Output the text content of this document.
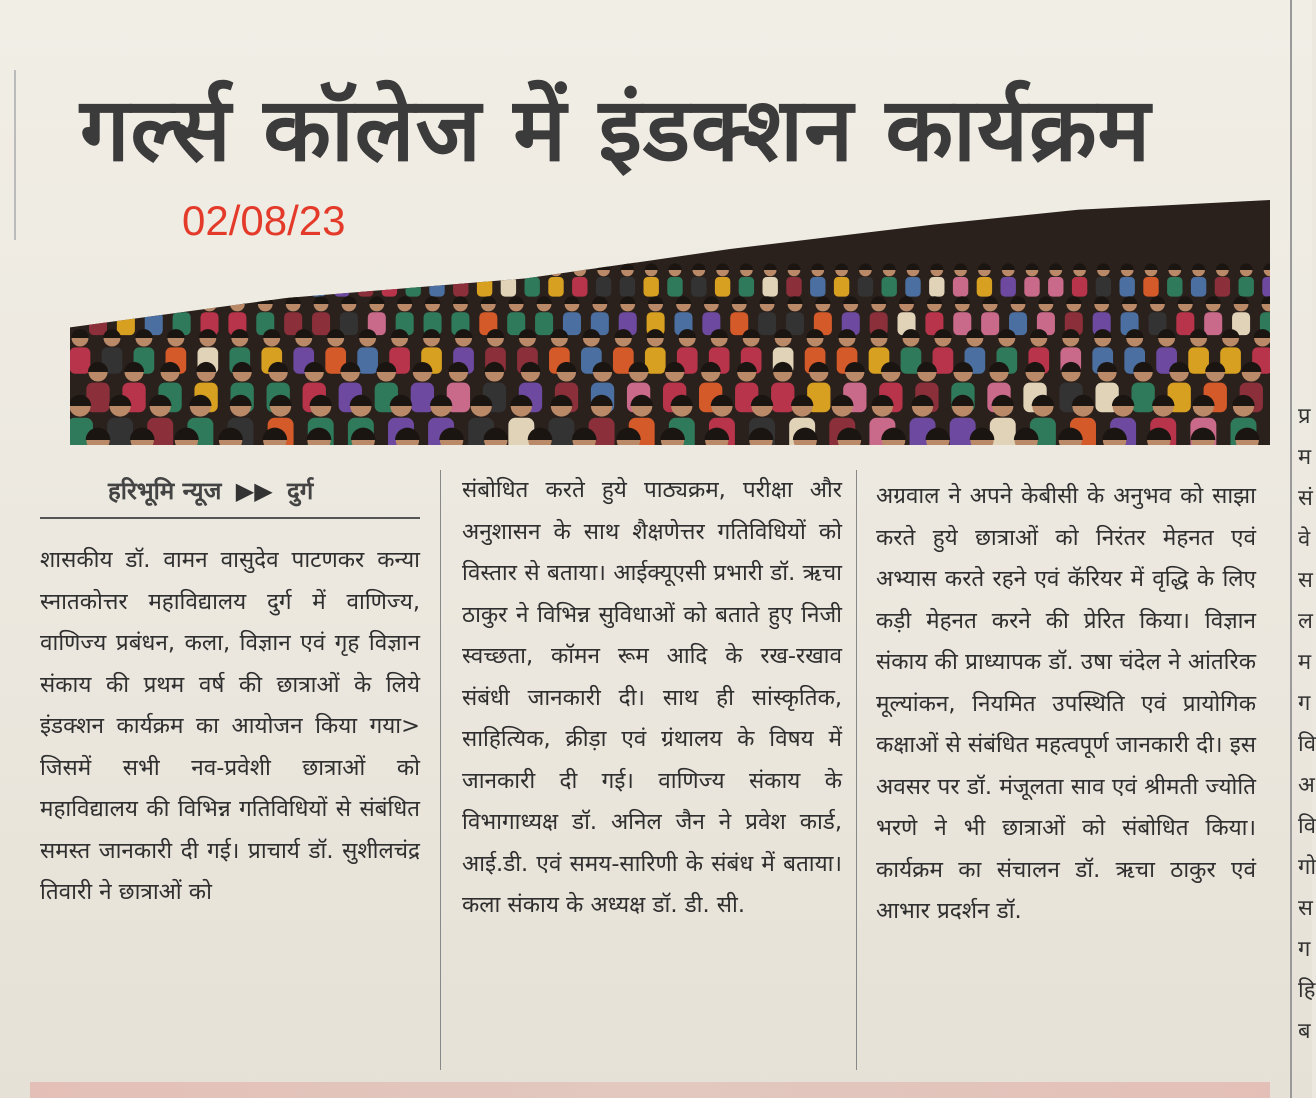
प्र
म
सं
वे
स
ल
म
ग
वि
अ
वि
गो
स
ग
हि
ब
गर्ल्स कॉलेज में इंडक्शन कार्यक्रम
02/08/23
हरिभूमि न्यूज ▶▶ दुर्ग

शासकीय डॉ. वामन वासुदेव पाटणकर कन्या स्नातकोत्तर महाविद्यालय दुर्ग में वाणिज्य, वाणिज्य प्रबंधन, कला, विज्ञान एवं गृह विज्ञान संकाय की प्रथम वर्ष की छात्राओं के लिये इंडक्शन कार्यक्रम का आयोजन किया गया> जिसमें सभी नव-प्रवेशी छात्राओं को महाविद्यालय की विभिन्न गतिविधियों से संबंधित समस्त जानकारी दी गई। प्राचार्य डॉ. सुशीलचंद्र तिवारी ने छात्राओं को

संबोधित करते हुये पाठ्यक्रम, परीक्षा और अनुशासन के साथ शैक्षणेत्तर गतिविधियों को विस्तार से बताया। आईक्यूएसी प्रभारी डॉ. ऋचा ठाकुर ने विभिन्न सुविधाओं को बताते हुए निजी स्वच्छता, कॉमन रूम आदि के रख-रखाव संबंधी जानकारी दी। साथ ही सांस्कृतिक, साहित्यिक, क्रीड़ा एवं ग्रंथालय के विषय में जानकारी दी गई। वाणिज्य संकाय के विभागाध्यक्ष डॉ. अनिल जैन ने प्रवेश कार्ड, आई.डी. एवं समय-सारिणी के संबंध में बताया। कला संकाय के अध्यक्ष डॉ. डी. सी.

अग्रवाल ने अपने केबीसी के अनुभव को साझा करते हुये छात्राओं को निरंतर मेहनत एवं अभ्यास करते रहने एवं कॅरियर में वृद्धि के लिए कड़ी मेहनत करने की प्रेरित किया। विज्ञान संकाय की प्राध्यापक डॉ. उषा चंदेल ने आंतरिक मूल्यांकन, नियमित उपस्थिति एवं प्रायोगिक कक्षाओं से संबंधित महत्वपूर्ण जानकारी दी। इस अवसर पर डॉ. मंजूलता साव एवं श्रीमती ज्योति भरणे ने भी छात्राओं को संबोधित किया। कार्यक्रम का संचालन डॉ. ऋचा ठाकुर एवं आभार प्रदर्शन डॉ.
